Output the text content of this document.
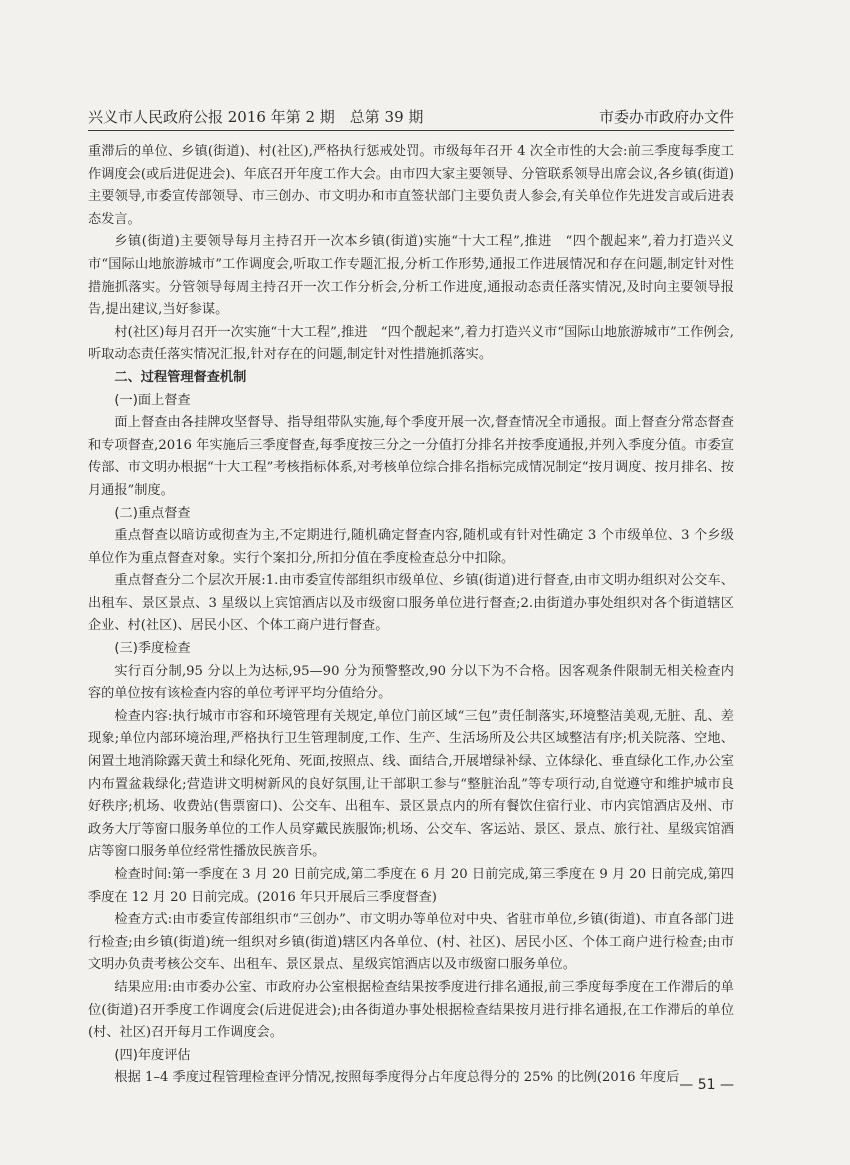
兴义市人民政府公报 2016 年第 2 期　总第 39 期	市委办市政府办文件

重滞后的单位、乡镇(街道)、村(社区),严格执行惩戒处罚。市级每年召开 4 次全市性的大会:前三季度每季度工作调度会(或后进促进会)、年底召开年度工作大会。由市四大家主要领导、分管联系领导出席会议,各乡镇(街道)主要领导,市委宣传部领导、市三创办、市文明办和市直签状部门主要负责人参会,有关单位作先进发言或后进表态发言。

乡镇(街道)主要领导每月主持召开一次本乡镇(街道)实施“十大工程”,推进　“四个靓起来”,着力打造兴义市“国际山地旅游城市”工作调度会,听取工作专题汇报,分析工作形势,通报工作进展情况和存在问题,制定针对性措施抓落实。分管领导每周主持召开一次工作分析会,分析工作进度,通报动态责任落实情况,及时向主要领导报告,提出建议,当好参谋。

村(社区)每月召开一次实施“十大工程”,推进　“四个靓起来”,着力打造兴义市“国际山地旅游城市”工作例会,听取动态责任落实情况汇报,针对存在的问题,制定针对性措施抓落实。

二、过程管理督查机制

(一)面上督查

面上督查由各挂牌攻坚督导、指导组带队实施,每个季度开展一次,督查情况全市通报。面上督查分常态督查和专项督查,2016 年实施后三季度督查,每季度按三分之一分值打分排名并按季度通报,并列入季度分值。市委宣传部、市文明办根据“十大工程”考核指标体系,对考核单位综合排名指标完成情况制定“按月调度、按月排名、按月通报”制度。

(二)重点督查

重点督查以暗访或彻查为主,不定期进行,随机确定督查内容,随机或有针对性确定 3 个市级单位、3 个乡级单位作为重点督查对象。实行个案扣分,所扣分值在季度检查总分中扣除。

重点督查分二个层次开展:1.由市委宣传部组织市级单位、乡镇(街道)进行督查,由市文明办组织对公交车、出租车、景区景点、3 星级以上宾馆酒店以及市级窗口服务单位进行督查;2.由街道办事处组织对各个街道辖区企业、村(社区)、居民小区、个体工商户进行督查。

(三)季度检查

实行百分制,95 分以上为达标,95—90 分为预警整改,90 分以下为不合格。因客观条件限制无相关检查内容的单位按有该检查内容的单位考评平均分值给分。

检查内容:执行城市市容和环境管理有关规定,单位门前区域“三包”责任制落实,环境整洁美观,无脏、乱、差现象;单位内部环境治理,严格执行卫生管理制度,工作、生产、生活场所及公共区域整洁有序;机关院落、空地、闲置土地消除露天黄土和绿化死角、死面,按照点、线、面结合,开展增绿补绿、立体绿化、垂直绿化工作,办公室内布置盆栽绿化;营造讲文明树新风的良好氛围,让干部职工参与“整脏治乱”等专项行动,自觉遵守和维护城市良好秩序;机场、收费站(售票窗口)、公交车、出租车、景区景点内的所有餐饮住宿行业、市内宾馆酒店及州、市政务大厅等窗口服务单位的工作人员穿戴民族服饰;机场、公交车、客运站、景区、景点、旅行社、星级宾馆酒店等窗口服务单位经常性播放民族音乐。

检查时间:第一季度在 3 月 20 日前完成,第二季度在 6 月 20 日前完成,第三季度在 9 月 20 日前完成,第四季度在 12 月 20 日前完成。(2016 年只开展后三季度督查)

检查方式:由市委宣传部组织市“三创办”、市文明办等单位对中央、省驻市单位,乡镇(街道)、市直各部门进行检查;由乡镇(街道)统一组织对乡镇(街道)辖区内各单位、(村、社区)、居民小区、个体工商户进行检查;由市文明办负责考核公交车、出租车、景区景点、星级宾馆酒店以及市级窗口服务单位。

结果应用:由市委办公室、市政府办公室根据检查结果按季度进行排名通报,前三季度每季度在工作滞后的单位(街道)召开季度工作调度会(后进促进会);由各街道办事处根据检查结果按月进行排名通报,在工作滞后的单位(村、社区)召开每月工作调度会。

(四)年度评估

根据 1–4 季度过程管理检查评分情况,按照每季度得分占年度总得分的 25% 的比例(2016 年度后 — 51 —
